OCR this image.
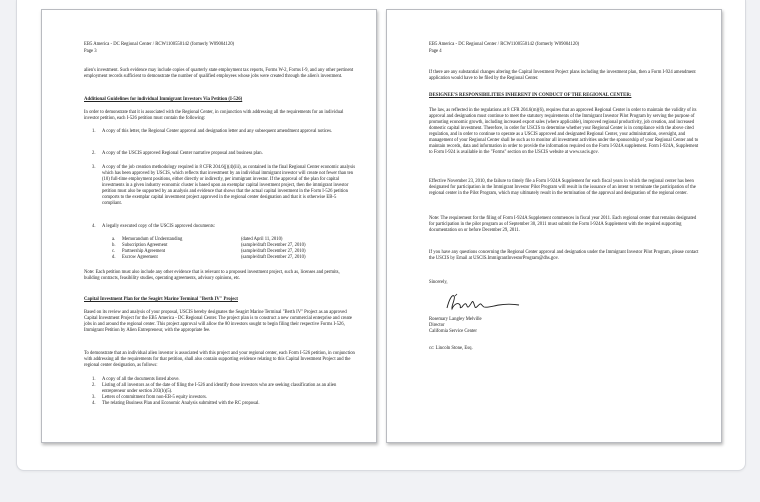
EB5 America - DC Regional Center / RCW1100550142 (formerly W09004120)

Page 3

alien's investment. Such evidence may include copies of quarterly state employment tax reports, Forms W-2, Forms I-9, and any other pertinent employment records sufficient to demonstrate the number of qualified employees whose jobs were created through the alien's investment.

Additional Guidelines for individual Immigrant Investors Via Petition (I-526)

In order to demonstrate that it is associated with the Regional Center, in conjunction with addressing all the requirements for an individual investor petition, each I-526 petition must contain the following:

1. A copy of this letter, the Regional Center approval and designation letter and any subsequent amendment approval notices.
2. A copy of the USCIS approved Regional Center narrative proposal and business plan.
3. A copy of the job creation methodology required in 8 CFR 204.6(j)(4)(iii), as contained in the final Regional Center economic analysis which has been approved by USCIS, which reflects that investment by an individual immigrant investor will create not fewer than ten (10) full-time employment positions, either directly or indirectly, per immigrant investor. If the approval of the plan for capital investments in a given industry economic cluster is based upon an exemplar capital investment project, then the immigrant investor petition must also be supported by an analysis and evidence that shows that the actual capital investment in the Form I-526 petition comports to the exemplar capital investment project approved in the regional center designation and that it is otherwise EB-5 compliant.
4. A legally executed copy of the USCIS approved documents:
a. Memorandum of Understanding	(dated April 11, 2010)
b. Subscription Agreement	(sample/draft December 27, 2010)
c. Partnership Agreement	(sample/draft December 27, 2010)
d. Escrow Agreement	(sample/draft December 27, 2010)

Note: Each petition must also include any other evidence that is relevant to a proposed investment project, such as, licenses and permits, building contracts, feasibility studies, operating agreements, advisory opinions, etc.

Capital Investment Plan for the Seagirt Marine Terminal "Berth IV" Project

Based on its review and analysis of your proposal, USCIS hereby designates the Seagirt Marine Terminal "Berth IV" Project as an approved Capital Investment Project for the EB5 America - DC Regional Center. The project plan is to construct a new commercial enterprise and create jobs in and around the regional center. This project approval will allow the 80 investors sought to begin filing their respective Forms I-526, Immigrant Petition by Alien Entrepreneur, with the appropriate fee.

To demonstrate that an individual alien investor is associated with this project and your regional center, each Form I-526 petition, in conjunction with addressing all the requirements for that petition, shall also contain supporting evidence relating to this Capital Investment Project and the regional center designation, as follows:

1. A copy of all the documents listed above.
2. Listing of all investors as of the date of filing the I-526 and identify those investors who are seeking classification as an alien entrepreneur under section 203(b)(5).
3. Letters of commitment from non-EB-5 equity investors.
4. The relating Business Plan and Economic Analysis submitted with the RC proposal.

EB5 America - DC Regional Center / RCW1100550142 (formerly W09004120)

Page 4

If there are any substantial changes altering the Capital Investment Project plans including the investment plan, then a Form I-924 amendment application would have to be filed by the Regional Center.

DESIGNEE'S RESPONSIBILITIES INHERENT IN CONDUCT OF THE REGIONAL CENTER:

The law, as reflected in the regulations at 8 CFR 204.6(m)(6), requires that an approved Regional Center in order to maintain the validity of its approval and designation must continue to meet the statutory requirements of the Immigrant Investor Pilot Program by serving the purpose of promoting economic growth, including increased export sales (where applicable), improved regional productivity, job creation, and increased domestic capital investment. Therefore, in order for USCIS to determine whether your Regional Center is in compliance with the above cited regulation, and in order to continue to operate as a USCIS approved and designated Regional Center, your administration, oversight, and management of your Regional Center shall be such as to monitor all investment activities under the sponsorship of your Regional Center and to maintain records, data and information in order to provide the information required on the Form I-924A supplement. Form I-924A, Supplement to Form I-924 is available in the "Forms" section on the USCIS website at www.uscis.gov.

Effective November 23, 2010, the failure to timely file a Form I-924A Supplement for each fiscal years in which the regional center has been designated for participation in the Immigrant Investor Pilot Program will result in the issuance of an intent to terminate the participation of the regional center in the Pilot Program, which may ultimately result in the termination of the approval and designation of the regional center.

Note: The requirement for the filing of Form I-924A Supplement commences in fiscal year 2011. Each regional center that remains designated for participation in the pilot program as of September 30, 2011 must submit the Form I-924A Supplement with the required supporting documentation on or before December 29, 2011.

If you have any questions concerning the Regional Center approval and designation under the Immigrant Investor Pilot Program, please contact the USCIS by Email at USCIS.ImmigrantInvestorProgram@dhs.gov.

Sincerely,

Rosemary Langley Melville

Director

California Service Center

cc: Lincoln Stone, Esq.
